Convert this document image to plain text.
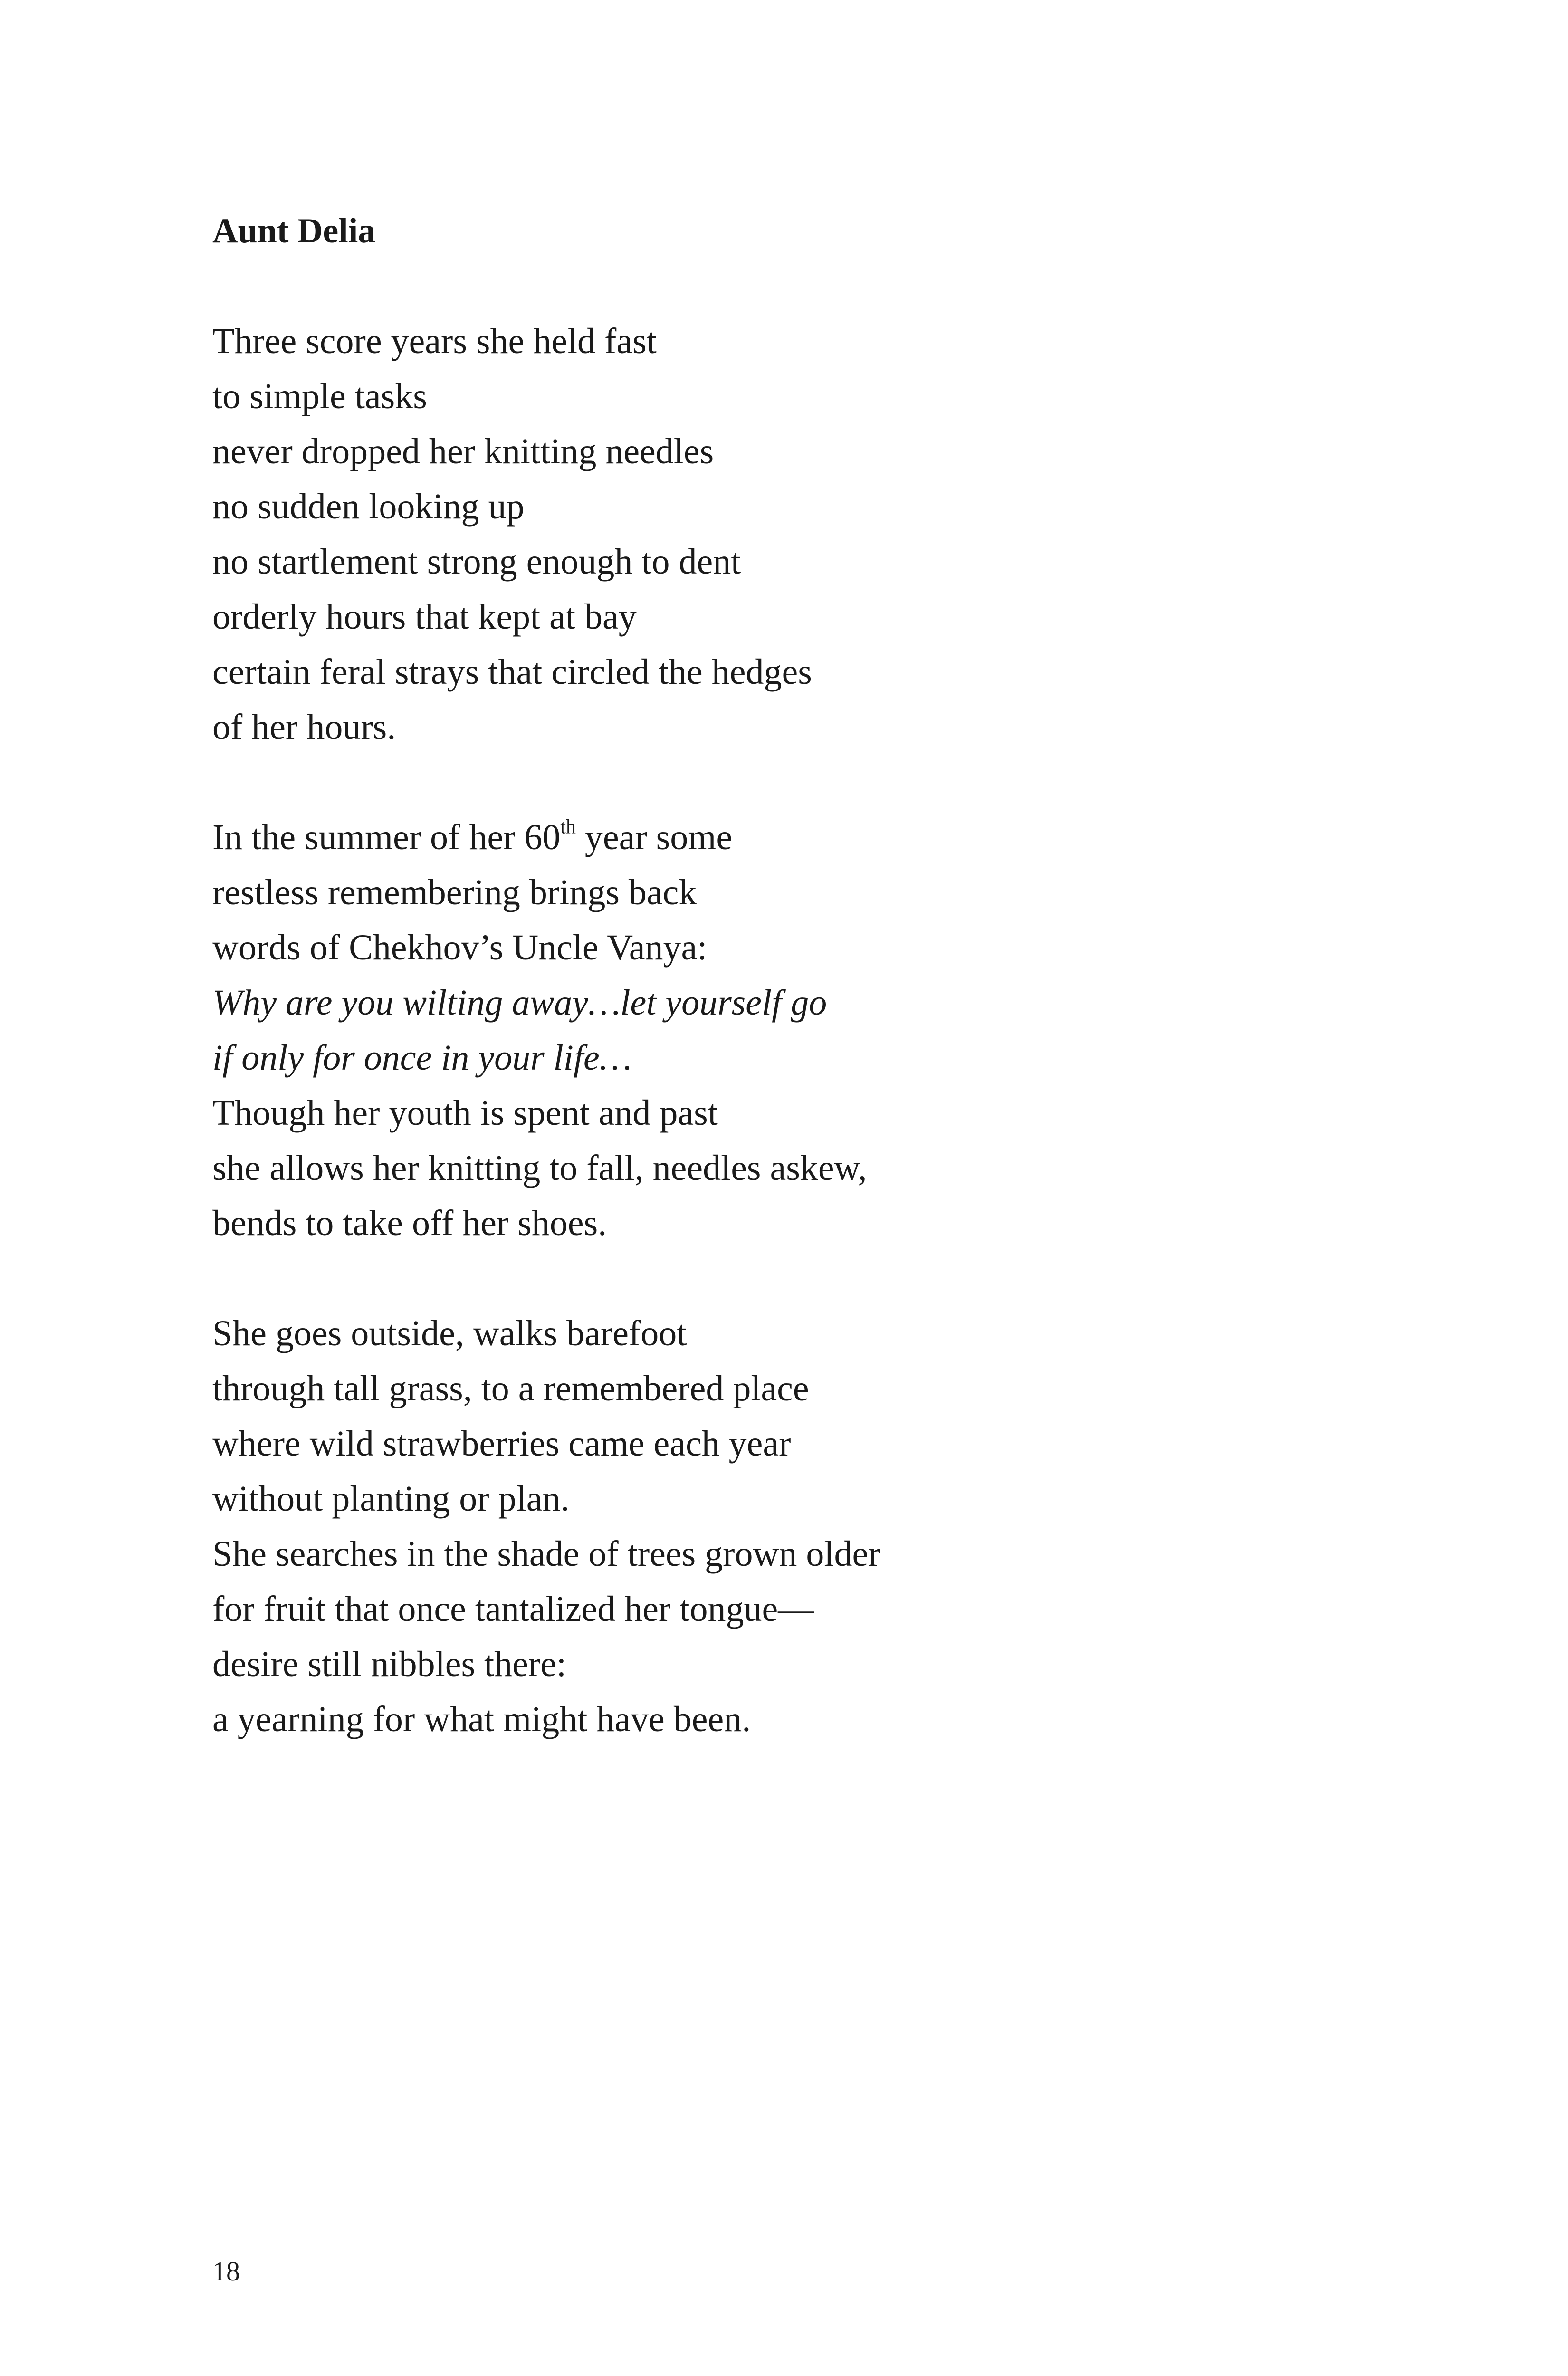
Aunt Delia

Three score years she held fast
to simple tasks
never dropped her knitting needles
no sudden looking up
no startlement strong enough to dent
orderly hours that kept at bay
certain feral strays that circled the hedges
of her hours.
In the summer of her 60th year some
restless remembering brings back
words of Chekhov’s Uncle Vanya:
Why are you wilting away…let yourself go
if only for once in your life…
Though her youth is spent and past
she allows her knitting to fall, needles askew,
bends to take off her shoes.
She goes outside, walks barefoot
through tall grass, to a remembered place
where wild strawberries came each year
without planting or plan.
She searches in the shade of trees grown older
for fruit that once tantalized her tongue—
desire still nibbles there:
a yearning for what might have been.
18
